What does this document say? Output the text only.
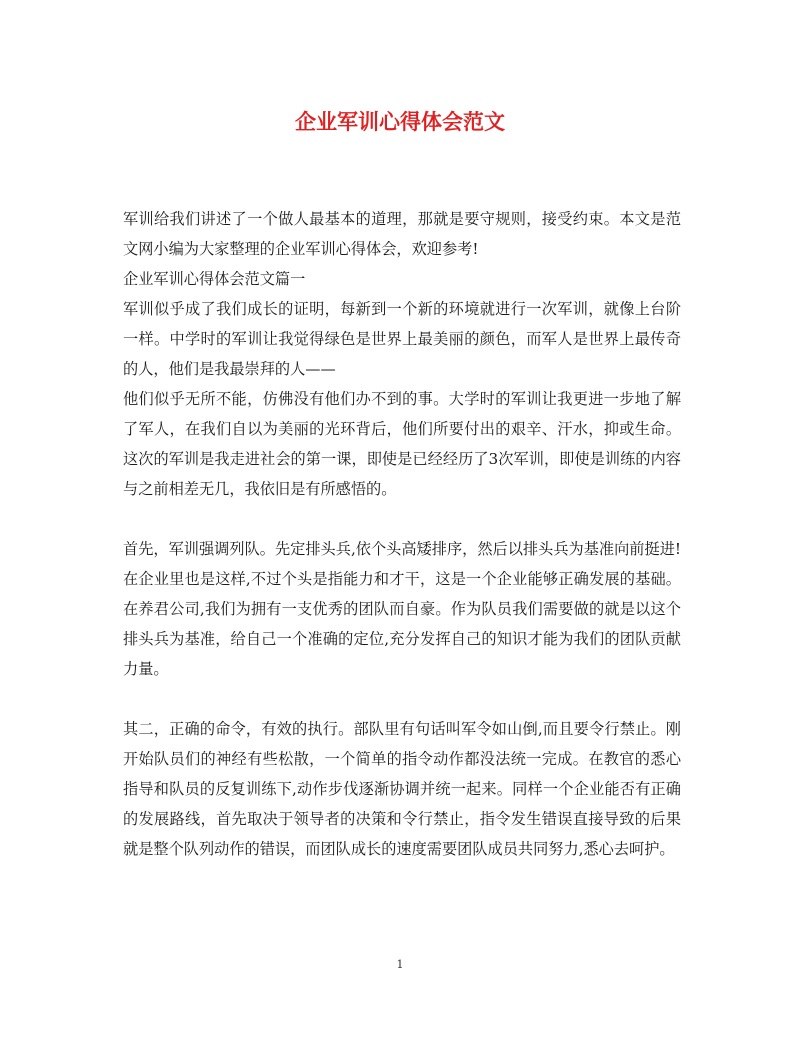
企业军训心得体会范文

军训给我们讲述了一个做人最基本的道理，那就是要守规则，接受约束。本文是范文网小编为大家整理的企业军训心得体会，欢迎参考!

企业军训心得体会范文篇一

军训似乎成了我们成长的证明，每新到一个新的环境就进行一次军训，就像上台阶一样。中学时的军训让我觉得绿色是世界上最美丽的颜色，而军人是世界上最传奇的人，他们是我最崇拜的人——

他们似乎无所不能，仿佛没有他们办不到的事。大学时的军训让我更进一步地了解了军人，在我们自以为美丽的光环背后，他们所要付出的艰辛、汗水，抑或生命。这次的军训是我走进社会的第一课，即使是已经经历了3次军训，即使是训练的内容与之前相差无几，我依旧是有所感悟的。

首先，军训强调列队。先定排头兵,依个头高矮排序，然后以排头兵为基准向前挺进!在企业里也是这样,不过个头是指能力和才干，这是一个企业能够正确发展的基础。在养君公司,我们为拥有一支优秀的团队而自豪。作为队员我们需要做的就是以这个排头兵为基准，给自己一个准确的定位,充分发挥自己的知识才能为我们的团队贡献力量。

其二，正确的命令，有效的执行。部队里有句话叫军令如山倒,而且要令行禁止。刚开始队员们的神经有些松散，一个简单的指令动作都没法统一完成。在教官的悉心指导和队员的反复训练下,动作步伐逐渐协调并统一起来。同样一个企业能否有正确的发展路线，首先取决于领导者的决策和令行禁止，指令发生错误直接导致的后果就是整个队列动作的错误，而团队成长的速度需要团队成员共同努力,悉心去呵护。

1
